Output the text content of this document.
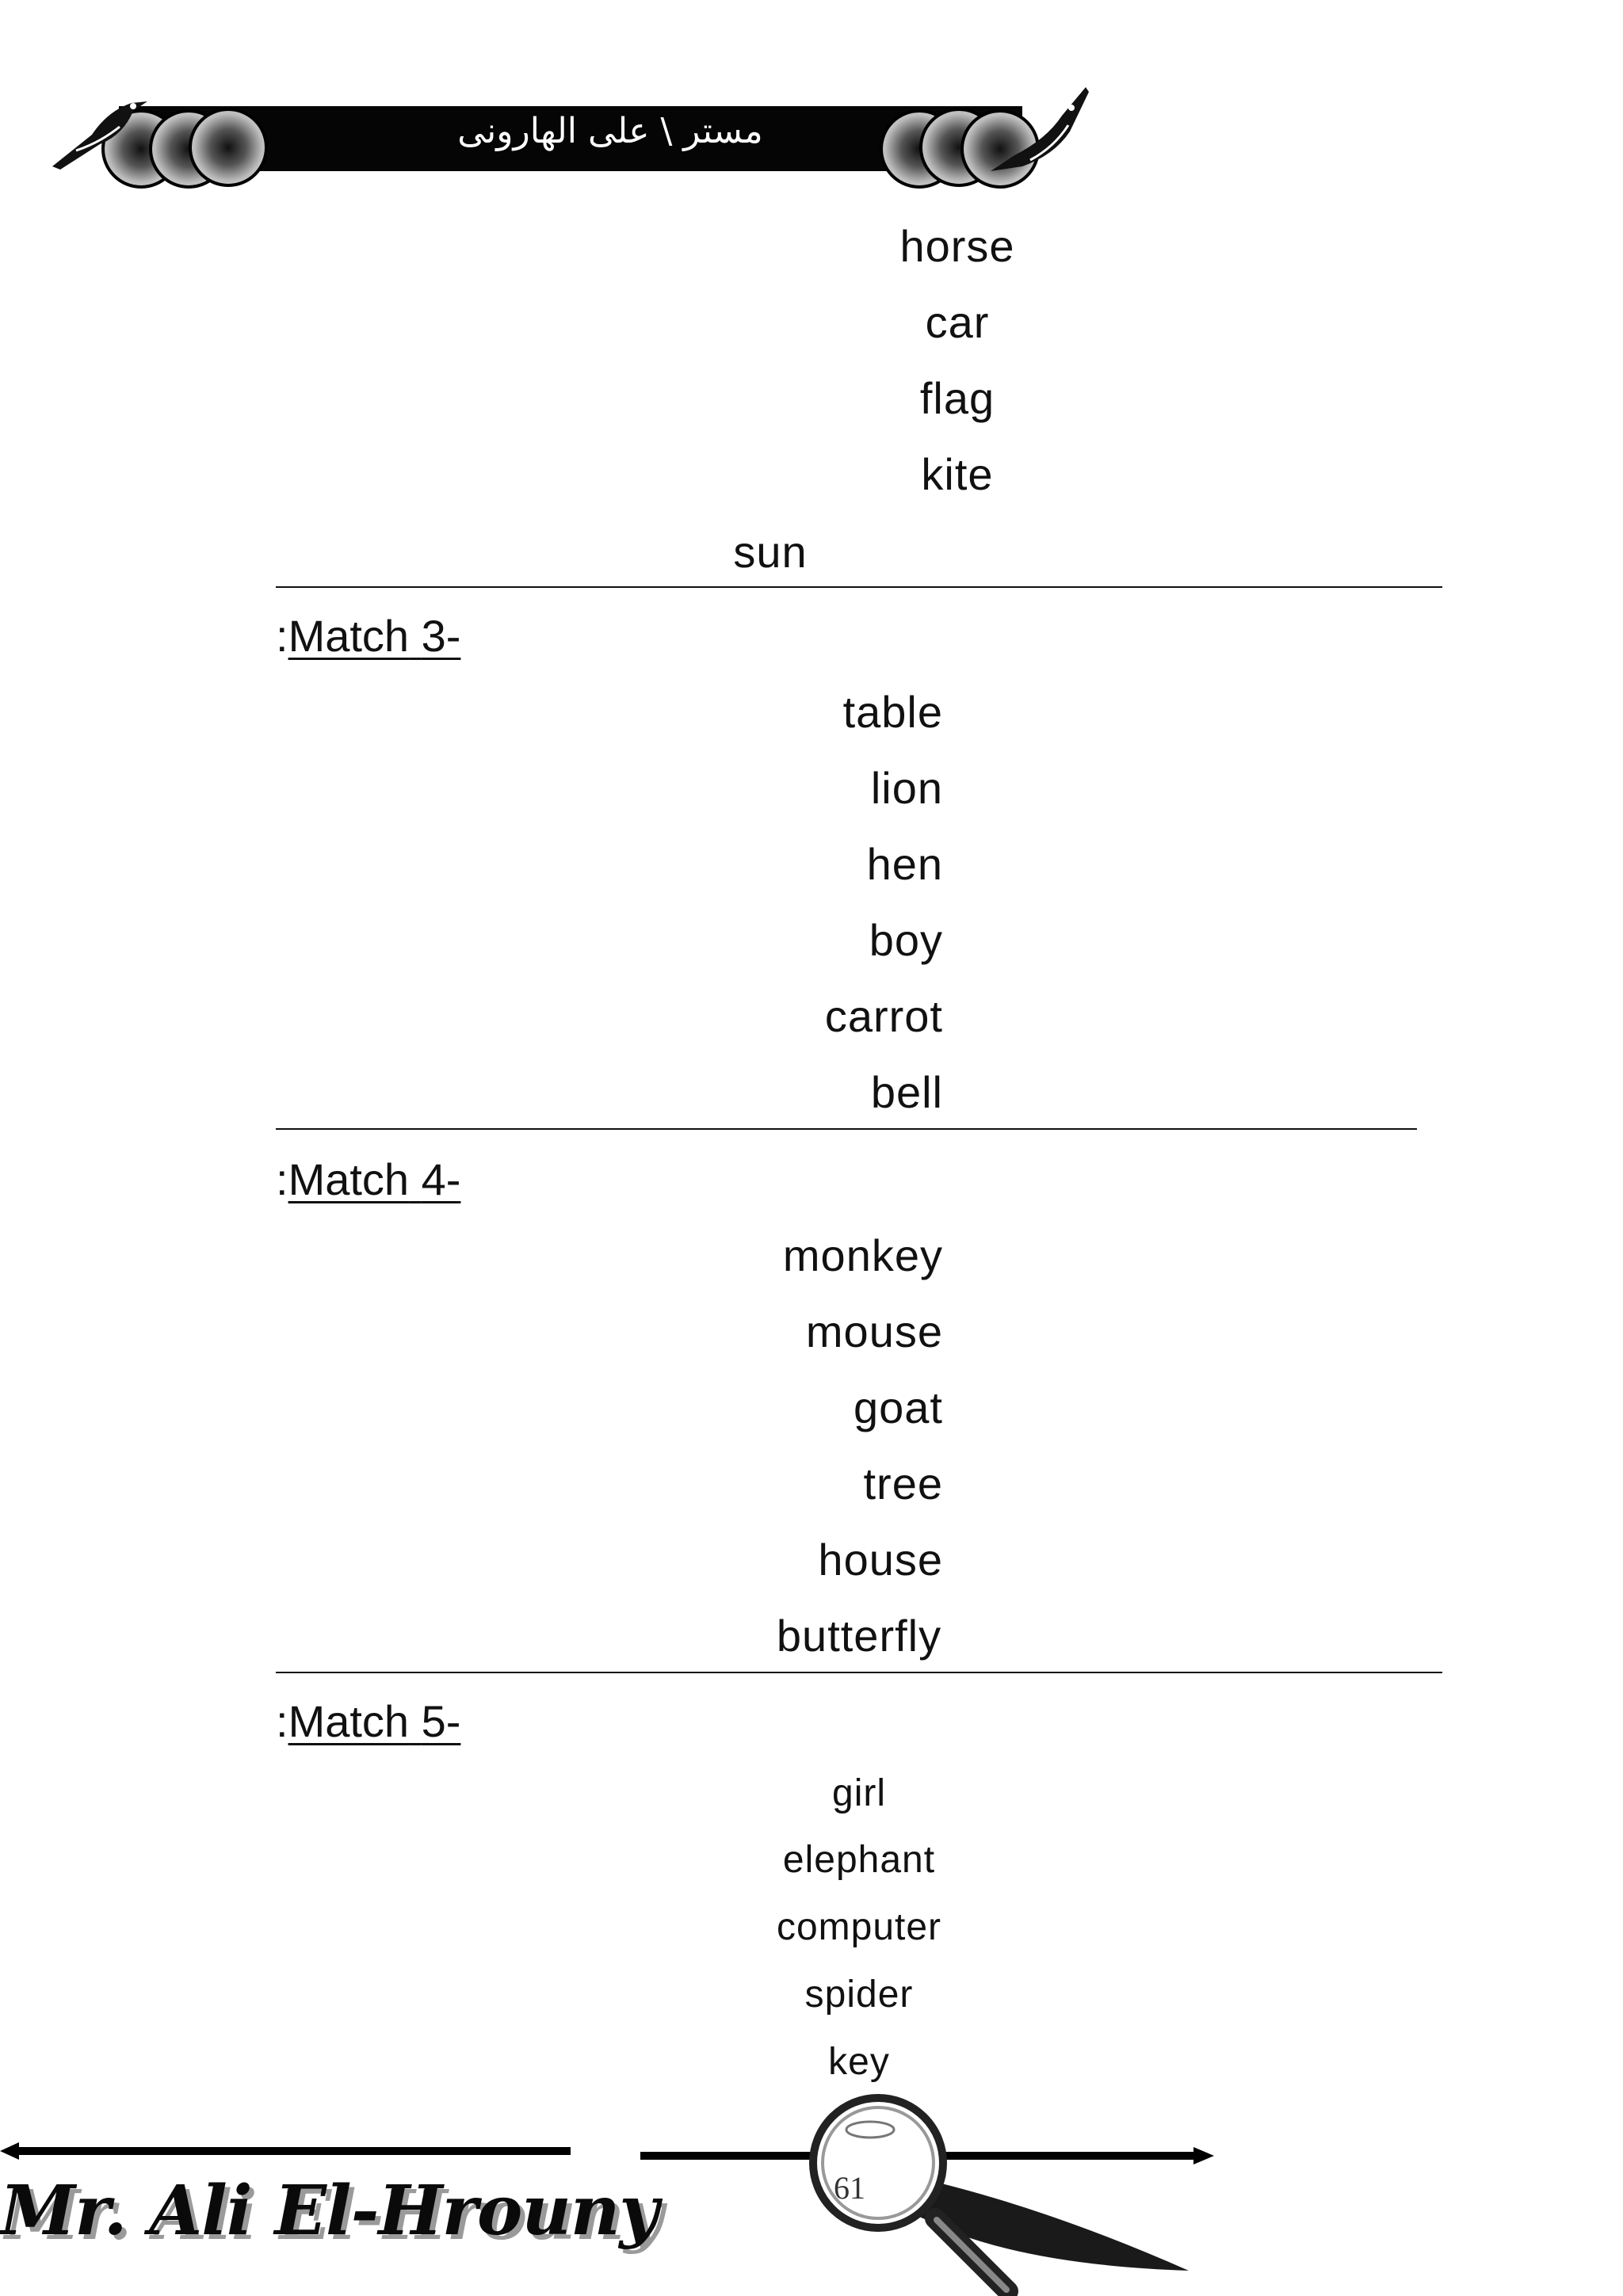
مستر \ على الهارونى
horse
car
flag
kite
sun
:Match 3-
table
lion
hen
boy
carrot
bell
:Match 4-
monkey
mouse
goat
tree
house
butterfly
:Match 5-
girl
elephant
computer
spider
key
61
Mr. Ali El-Hrouny
